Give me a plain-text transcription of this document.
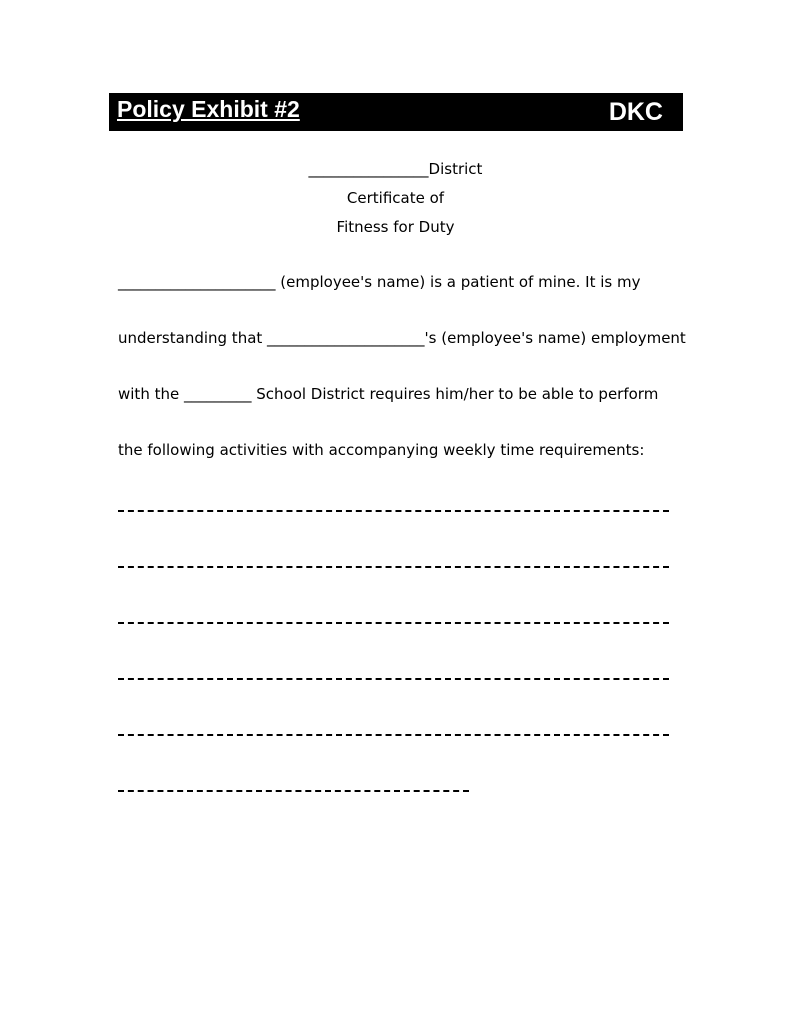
Policy Exhibit #2	DKC
________________District
Certificate of
Fitness for Duty
_____________________ (employee's name) is a patient of mine. It is my
understanding that _____________________'s (employee's name) employment
with the _________ School District requires him/her to be able to perform
the following activities with accompanying weekly time requirements:
